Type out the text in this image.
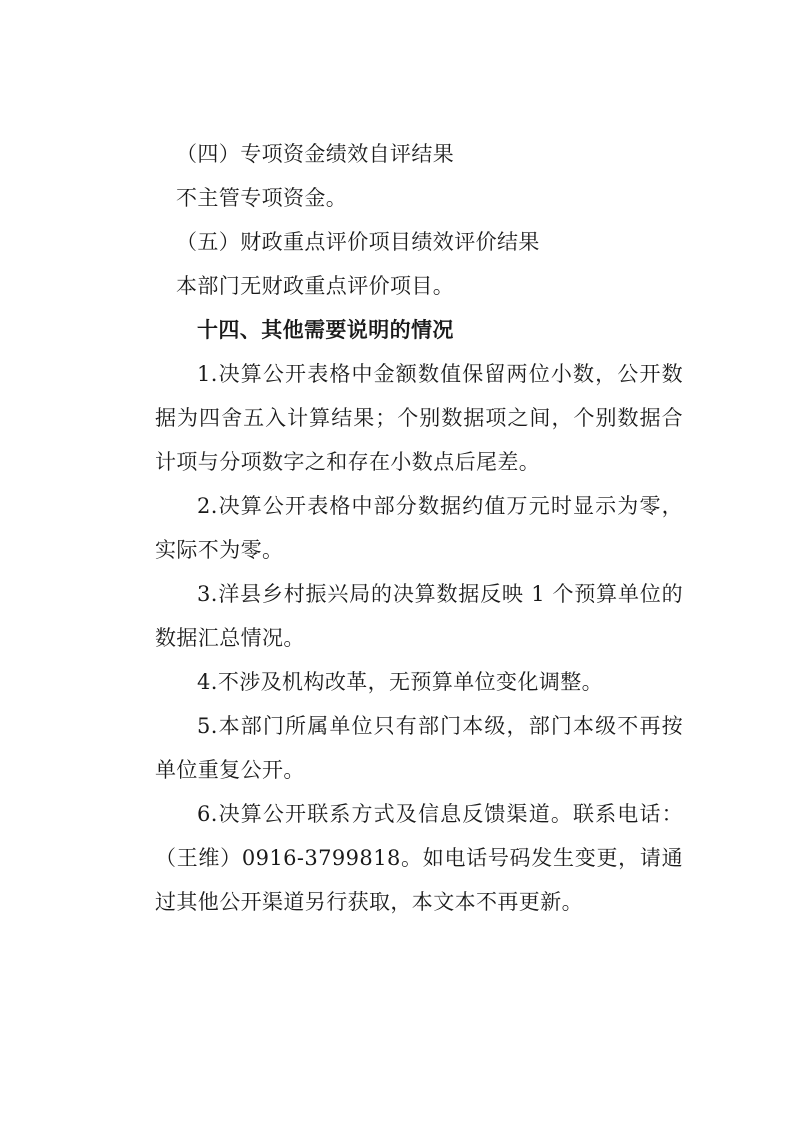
（四）专项资金绩效自评结果

不主管专项资金。

（五）财政重点评价项目绩效评价结果

本部门无财政重点评价项目。

十四、其他需要说明的情况

1.决算公开表格中金额数值保留两位小数，公开数据为四舍五入计算结果；个别数据项之间，个别数据合计项与分项数字之和存在小数点后尾差。

2.决算公开表格中部分数据约值万元时显示为零，实际不为零。

3.洋县乡村振兴局的决算数据反映 1 个预算单位的数据汇总情况。

4.不涉及机构改革，无预算单位变化调整。

5.本部门所属单位只有部门本级，部门本级不再按单位重复公开。

6.决算公开联系方式及信息反馈渠道。联系电话：（王维）0916-3799818。如电话号码发生变更，请通过其他公开渠道另行获取，本文本不再更新。
